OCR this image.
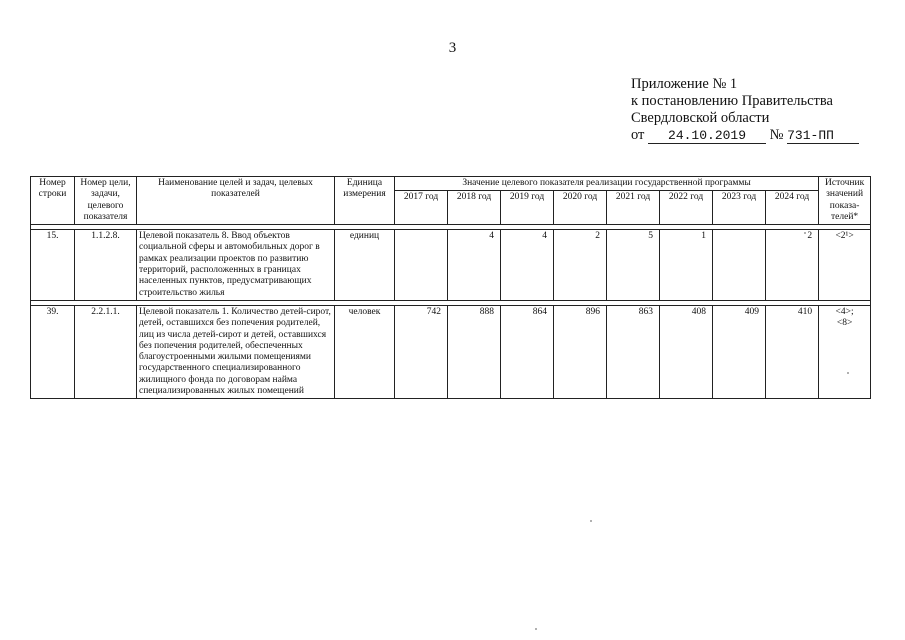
3
Приложение № 1
к постановлению Правительства
Свердловской области
от 24.10.2019 № 731-ПП
Номер строки	Номер цели, задачи, целевого показателя	Наименование целей и задач, целевых показателей	Единица измерения	Значение целевого показателя реализации государственной программы								Источник значений показа-телей*
				2017 год	2018 год	2019 год	2020 год	2021 год	2022 год	2023 год	2024 год	

15.	1.1.2.8.	Целевой показатель 8. Ввод объектов социальной сферы и автомобильных дорог в рамках реализации проектов по развитию территорий, расположенных в границах населенных пунктов, предусматривающих строительство жилья	единиц		4	4	2	5	1		2	<2¹>

39.	2.2.1.1.	Целевой показатель 1. Количество детей-сирот, детей, оставшихся без попечения родителей, лиц из числа детей-сирот и детей, оставшихся без попечения родителей, обеспеченных благоустроенными жилыми помещениями государственного специализированного жилищного фонда по договорам найма специализированных жилых помещений	человек	742	888	864	896	863	408	409	410	<4>;
<8>
